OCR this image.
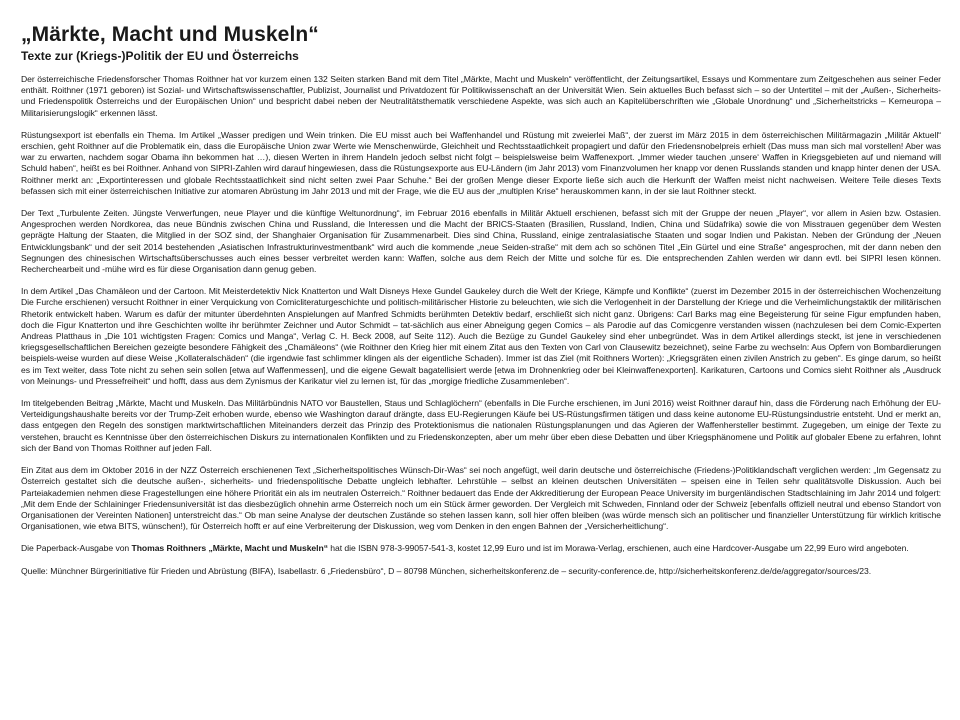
„Märkte, Macht und Muskeln“
Texte zur (Kriegs-)Politik der EU und Österreichs

Der österreichische Friedensforscher Thomas Roithner hat vor kurzem einen 132 Seiten starken Band mit dem Titel „Märkte, Macht und Muskeln“ veröffentlicht, der Zeitungsartikel, Essays und Kommentare zum Zeitgeschehen aus seiner Feder enthält. Roithner (1971 geboren) ist Sozial- und Wirtschaftswissenschaftler, Publizist, Journalist und Privatdozent für Politikwissenschaft an der Universität Wien. Sein aktuelles Buch befasst sich – so der Untertitel – mit der „Außen-, Sicherheits- und Friedenspolitik Österreichs und der Europäischen Union“ und bespricht dabei neben der Neutralitätsthematik verschiedene Aspekte, was sich auch an Kapitelüberschriften wie „Globale Unordnung“ und „Sicherheitstricks – Kerneuropa – Militarisierungslogik“ erkennen lässt.

Rüstungsexport ist ebenfalls ein Thema. Im Artikel „Wasser predigen und Wein trinken. Die EU misst auch bei Waffenhandel und Rüstung mit zweierlei Maß“, der zuerst im März 2015 in dem österreichischen Militärmagazin „Militär Aktuell“ erschien, geht Roithner auf die Problematik ein, dass die Europäische Union zwar Werte wie Menschenwürde, Gleichheit und Rechtsstaatlichkeit propagiert und dafür den Friedensnobelpreis erhielt (Das muss man sich mal vorstellen! Aber was war zu erwarten, nachdem sogar Obama ihn bekommen hat …), diesen Werten in ihrem Handeln jedoch selbst nicht folgt – beispielsweise beim Waffenexport. „Immer wieder tauchen ‚unsere‘ Waffen in Kriegsgebieten auf und niemand will Schuld haben“, heißt es bei Roithner. Anhand von SIPRI-Zahlen wird darauf hingewiesen, dass die Rüstungsexporte aus EU-Ländern (im Jahr 2013) vom Finanzvolumen her knapp vor denen Russlands standen und knapp hinter denen der USA. Roithner merkt an: „Exportinteressen und globale Rechtsstaatlichkeit sind nicht selten zwei Paar Schuhe.“ Bei der großen Menge dieser Exporte ließe sich auch die Herkunft der Waffen meist nicht nachweisen. Weitere Teile dieses Texts befassen sich mit einer österreichischen Initiative zur atomaren Abrüstung im Jahr 2013 und mit der Frage, wie die EU aus der „multiplen Krise“ herauskommen kann, in der sie laut Roithner steckt.

Der Text „Turbulente Zeiten. Jüngste Verwerfungen, neue Player und die künftige Weltunordnung“, im Februar 2016 ebenfalls in Militär Aktuell erschienen, befasst sich mit der Gruppe der neuen „Player“, vor allem in Asien bzw. Ostasien. Angesprochen werden Nordkorea, das neue Bündnis zwischen China und Russland, die Interessen und die Macht der BRICS-Staaten (Brasilien, Russland, Indien, China und Südafrika) sowie die von Misstrauen gegenüber dem Westen geprägte Haltung der Staaten, die Mitglied in der SOZ sind, der Shanghaier Organisation für Zusammenarbeit. Dies sind China, Russland, einige zentralasiatische Staaten und sogar Indien und Pakistan. Neben der Gründung der „Neuen Entwicklungsbank“ und der seit 2014 bestehenden „Asiatischen Infrastrukturinvestmentbank“ wird auch die kommende „neue Seiden-straße“ mit dem ach so schönen Titel „Ein Gürtel und eine Straße“ angesprochen, mit der dann neben den Segnungen des chinesischen Wirtschaftsüberschusses auch eines besser verbreitet werden kann: Waffen, solche aus dem Reich der Mitte und solche für es. Die entsprechenden Zahlen werden wir dann evtl. bei SIPRI lesen können. Recherchearbeit und -mühe wird es für diese Organisation dann genug geben.

In dem Artikel „Das Chamäleon und der Cartoon. Mit Meisterdetektiv Nick Knatterton und Walt Disneys Hexe Gundel Gaukeley durch die Welt der Kriege, Kämpfe und Konflikte“ (zuerst im Dezember 2015 in der österreichischen Wochenzeitung Die Furche erschienen) versucht Roithner in einer Verquickung von Comicliteraturgeschichte und politisch-militärischer Historie zu beleuchten, wie sich die Verlogenheit in der Darstellung der Kriege und die Verheimlichungstaktik der militärischen Rhetorik entwickelt haben. Warum es dafür der mitunter überdehnten Anspielungen auf Manfred Schmidts berühmten Detektiv bedarf, erschließt sich nicht ganz. Übrigens: Carl Barks mag eine Begeisterung für seine Figur empfunden haben, doch die Figur Knatterton und ihre Geschichten wollte ihr berühmter Zeichner und Autor Schmidt – tat-sächlich aus einer Abneigung gegen Comics – als Parodie auf das Comicgenre verstanden wissen (nachzulesen bei dem Comic-Experten Andreas Platthaus in „Die 101 wichtigsten Fragen: Comics und Manga“, Verlag C. H. Beck 2008, auf Seite 112). Auch die Bezüge zu Gundel Gaukeley sind eher unbegründet. Was in dem Artikel allerdings steckt, ist jene in verschiedenen kriegsgesellschaftlichen Bereichen gezeigte besondere Fähigkeit des „Chamäleons“ (wie Roithner den Krieg hier mit einem Zitat aus den Texten von Carl von Clausewitz bezeichnet), seine Farbe zu wechseln: Aus Opfern von Bombardierungen beispiels-weise wurden auf diese Weise „Kollateralschäden“ (die irgendwie fast schlimmer klingen als der eigentliche Schaden). Immer ist das Ziel (mit Roithners Worten): „Kriegsgräten einen zivilen Anstrich zu geben“. Es ginge darum, so heißt es im Text weiter, dass Tote nicht zu sehen sein sollen [etwa auf Waffenmessen], und die eigene Gewalt bagatellisiert werde [etwa im Drohnenkrieg oder bei Kleinwaffenexporten]. Karikaturen, Cartoons und Comics sieht Roithner als „Ausdruck von Meinungs- und Pressefreiheit“ und hofft, dass aus dem Zynismus der Karikatur viel zu lernen ist, für das „morgige friedliche Zusammenleben“.

Im titelgebenden Beitrag „Märkte, Macht und Muskeln. Das Militärbündnis NATO vor Baustellen, Staus und Schlaglöchern“ (ebenfalls in Die Furche erschienen, im Juni 2016) weist Roithner darauf hin, dass die Förderung nach Erhöhung der EU-Verteidigungshaushalte bereits vor der Trump-Zeit erhoben wurde, ebenso wie Washington darauf drängte, dass EU-Regierungen Käufe bei US-Rüstungsfirmen tätigen und dass keine autonome EU-Rüstungsindustrie entsteht. Und er merkt an, dass entgegen den Regeln des sonstigen marktwirtschaftlichen Miteinanders derzeit das Prinzip des Protektionismus die nationalen Rüstungsplanungen und das Agieren der Waffenhersteller bestimmt. Zugegeben, um einige der Texte zu verstehen, braucht es Kenntnisse über den österreichischen Diskurs zu internationalen Konflikten und zu Friedenskonzepten, aber um mehr über eben diese Debatten und über Kriegsphänomene und Politik auf globaler Ebene zu erfahren, lohnt sich der Band von Thomas Roithner auf jeden Fall.

Ein Zitat aus dem im Oktober 2016 in der NZZ Österreich erschienenen Text „Sicherheitspolitisches Wünsch-Dir-Was“ sei noch angefügt, weil darin deutsche und österreichische (Friedens-)Politiklandschaft verglichen werden: „Im Gegensatz zu Österreich gestaltet sich die deutsche außen-, sicherheits- und friedenspolitische Debatte ungleich lebhafter. Lehrstühle – selbst an kleinen deutschen Universitäten – speisen eine in Teilen sehr qualitätsvolle Diskussion. Auch bei Parteiakademien nehmen diese Fragestellungen eine höhere Priorität ein als im neutralen Österreich.“ Roithner bedauert das Ende der Akkreditierung der European Peace University im burgenländischen Stadtschlaining im Jahr 2014 und folgert: „Mit dem Ende der Schlaininger Friedensuniversität ist das diesbezüglich ohnehin arme Österreich noch um ein Stück ärmer geworden. Der Vergleich mit Schweden, Finnland oder der Schweiz [ebenfalls offiziell neutral und ebenso Standort von Organisationen der Vereinten Nationen] unterstreicht das.“ Ob man seine Analyse der deutschen Zustände so stehen lassen kann, soll hier offen bleiben (was würde mensch sich an politischer und finanzieller Unterstützung für wirklich kritische Organisationen, wie etwa BITS, wünschen!), für Österreich hofft er auf eine Verbreiterung der Diskussion, weg vom Denken in den engen Bahnen der „Versicherheitlichung“.

Die Paperback-Ausgabe von Thomas Roithners „Märkte, Macht und Muskeln“ hat die ISBN 978-3-99057-541-3, kostet 12,99 Euro und ist im Morawa-Verlag, erschienen, auch eine Hardcover-Ausgabe um 22,99 Euro wird angeboten.

Quelle: Münchner Bürgerinitiative für Frieden und Abrüstung (BIFA), Isabellastr. 6 „Friedensbüro“, D – 80798 München, sicherheitskonferenz.de – security-conference.de, http://sicherheitskonferenz.de/de/aggregator/sources/23.
